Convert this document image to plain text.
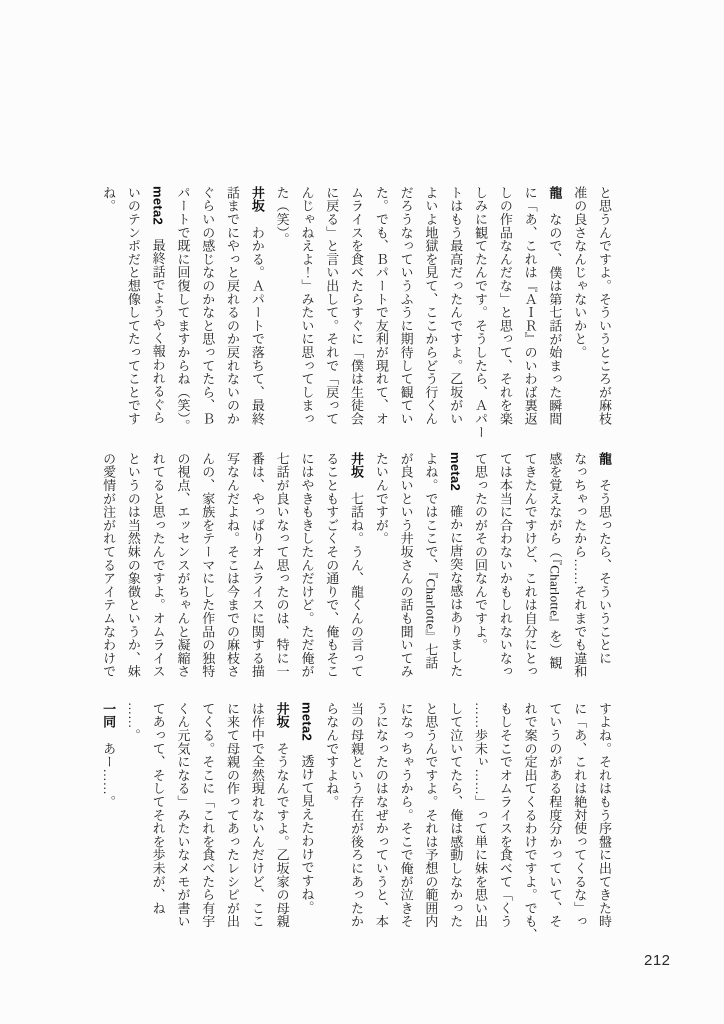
と思うんですよ。そういうところが麻枝
准の良さなんじゃないかと。
龍　なので、僕は第七話が始まった瞬間
に「あ、これは『ＡＩＲ』のいわば裏返
しの作品なんだな」と思って、それを楽
しみに観てたんです。そうしたら、Ａパー
トはもう最高だったんですよ。乙坂がい
よいよ地獄を見て、ここからどう行くん
だろうなっていうふうに期待して観てい
た。でも、Ｂパートで友利が現れて、オ
ムライスを食べたらすぐに「僕は生徒会
に戻る」と言い出して。それで「戻って
んじゃねえよ！」みたいに思ってしまっ
た（笑）。
井坂　わかる。Ａパートで落ちて、最終
話までにやっと戻れるのか戻れないのか
ぐらいの感じなのかなと思ってたら、Ｂ
パートで既に回復してますからね（笑）。
meta2　最終話でようやく報われるぐら
いのテンポだと想像してたってことです
ね。
龍　そう思ったら、そういうことに
なっちゃったから……それまでも違和
感を覚えながら（『Charlotte』を）観
てきたんですけど、これは自分にとっ
ては本当に合わないかもしれないなっ
て思ったのがその回なんですよ。
meta2　確かに唐突な感はありました
よね。ではここで、『Charlotte』七話
が良いという井坂さんの話も聞いてみ
たいんですが。
井坂　七話ね。うん、龍くんの言って
ることもすごくその通りで、俺もそこ
にはやきもきしたんだけど。ただ俺が
七話が良いなって思ったのは、特に一
番は、やっぱりオムライスに関する描
写なんだよね。そこは今までの麻枝さ
んの、家族をテーマにした作品の独特
の視点、エッセンスがちゃんと凝縮さ
れてると思ったんですよ。オムライス
というのは当然妹の象徴というか、妹
の愛情が注がれてるアイテムなわけで
すよね。それはもう序盤に出てきた時
に「あ、これは絶対使ってくるな」っ
ていうのがある程度分かっていて、そ
れで案の定出てくるわけですよ。でも、
もしそこでオムライスを食べて「くう
……歩未ぃ……」って単に妹を思い出
して泣いてたら、俺は感動しなかった
と思うんですよ。それは予想の範囲内
になっちゃうから。そこで俺が泣きそ
うになったのはなぜかっていうと、本
当の母親という存在が後ろにあったか
らなんですよね。
meta2　透けて見えたわけですね。
井坂　そうなんですよ。乙坂家の母親
は作中で全然現れないんだけど、ここ
に来て母親の作ってあったレシピが出
てくる。そこに「これを食べたら有宇
くん元気になる」みたいなメモが書い
てあって、そしてそれを歩未が、ね
……。
一同　あー……。
212
